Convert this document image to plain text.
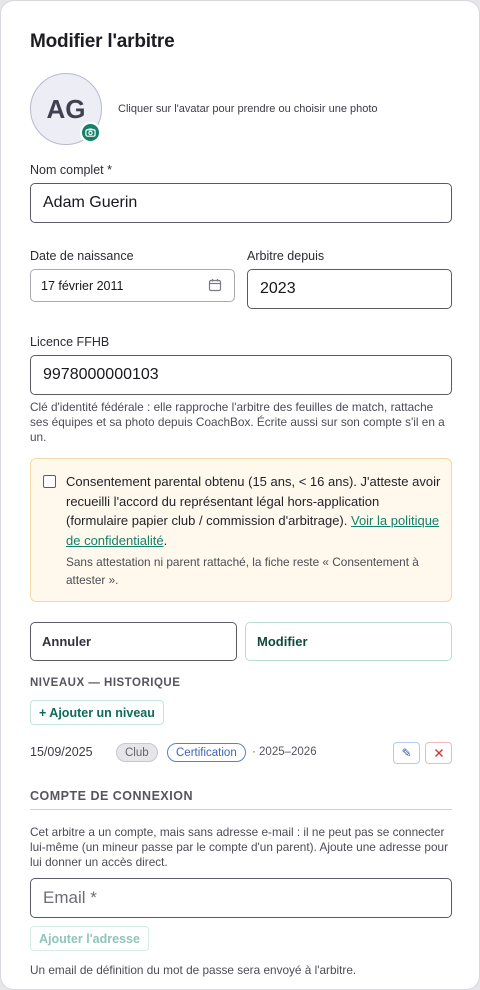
Modifier l'arbitre
AG	Cliquer sur l'avatar pour prendre ou choisir une photo
Nom complet *
Adam Guerin
Date de naissance
17 février 2011
Arbitre depuis
2023
Licence FFHB
9978000000103
Clé d'identité fédérale : elle rapproche l'arbitre des feuilles de match, rattache ses équipes et sa photo depuis CoachBox. Écrite aussi sur son compte s'il en a un.
Consentement parental obtenu (15 ans, < 16 ans). J'atteste avoir recueilli l'accord du représentant légal hors-application (formulaire papier club / commission d'arbitrage). Voir la politique de confidentialité.
Sans attestation ni parent rattaché, la fiche reste « Consentement à attester ».
Annuler	Modifier
NIVEAUX — HISTORIQUE
+ Ajouter un niveau
15/09/2025	Club	Certification	· 2025–2026	✎
COMPTE DE CONNEXION
Cet arbitre a un compte, mais sans adresse e-mail : il ne peut pas se connecter lui-même (un mineur passe par le compte d'un parent). Ajoute une adresse pour lui donner un accès direct.
Email *
Ajouter l'adresse
Un email de définition du mot de passe sera envoyé à l'arbitre.
